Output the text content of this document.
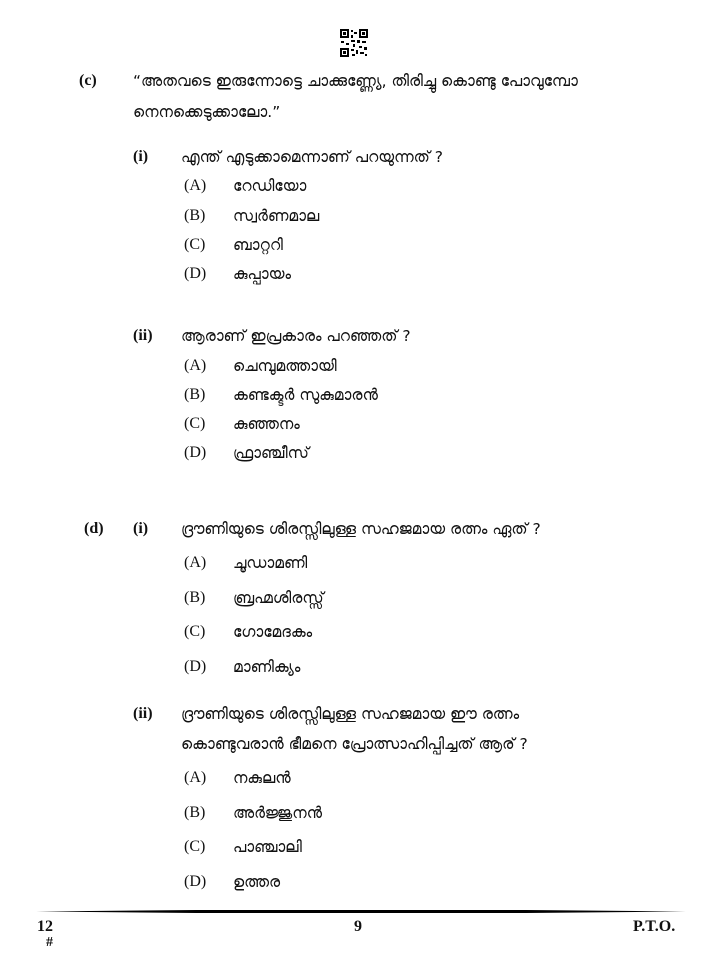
(c) “അതവടെ ഇരുന്നോട്ടെ ചാക്കുണ്ണ്യേ, തിരിച്ചു കൊണ്ടു പോവുമ്പോ
നെനക്കെടുക്കാലോ.”
(i) എന്ത് എടുക്കാമെന്നാണ് പറയുന്നത് ?
(A) റേഡിയോ
(B) സ്വർണമാല
(C) ബാറ്ററി
(D) കുപ്പായം
(ii) ആരാണ് ഇപ്രകാരം പറഞ്ഞത് ?
(A) ചെമ്പുമത്തായി
(B) കണ്ടക്ടർ സുകുമാരൻ
(C) കുഞ്ഞനം
(D) ഫ്രാഞ്ചീസ്
(d) (i) ദ്രൗണിയുടെ ശിരസ്സിലുള്ള സഹജമായ രത്നം ഏത് ?
(A) ചൂഡാമണി
(B) ബ്രഹ്മശിരസ്സ്
(C) ഗോമേദകം
(D) മാണിക്യം
(ii) ദ്രൗണിയുടെ ശിരസ്സിലുള്ള സഹജമായ ഈ രത്നം
കൊണ്ടുവരാൻ ഭീമനെ പ്രോത്സാഹിപ്പിച്ചത് ആര് ?
(A) നകുലൻ
(B) അർജ്ജുനൻ
(C) പാഞ്ചാലി
(D) ഉത്തര
12
#
9	P.T.O.
